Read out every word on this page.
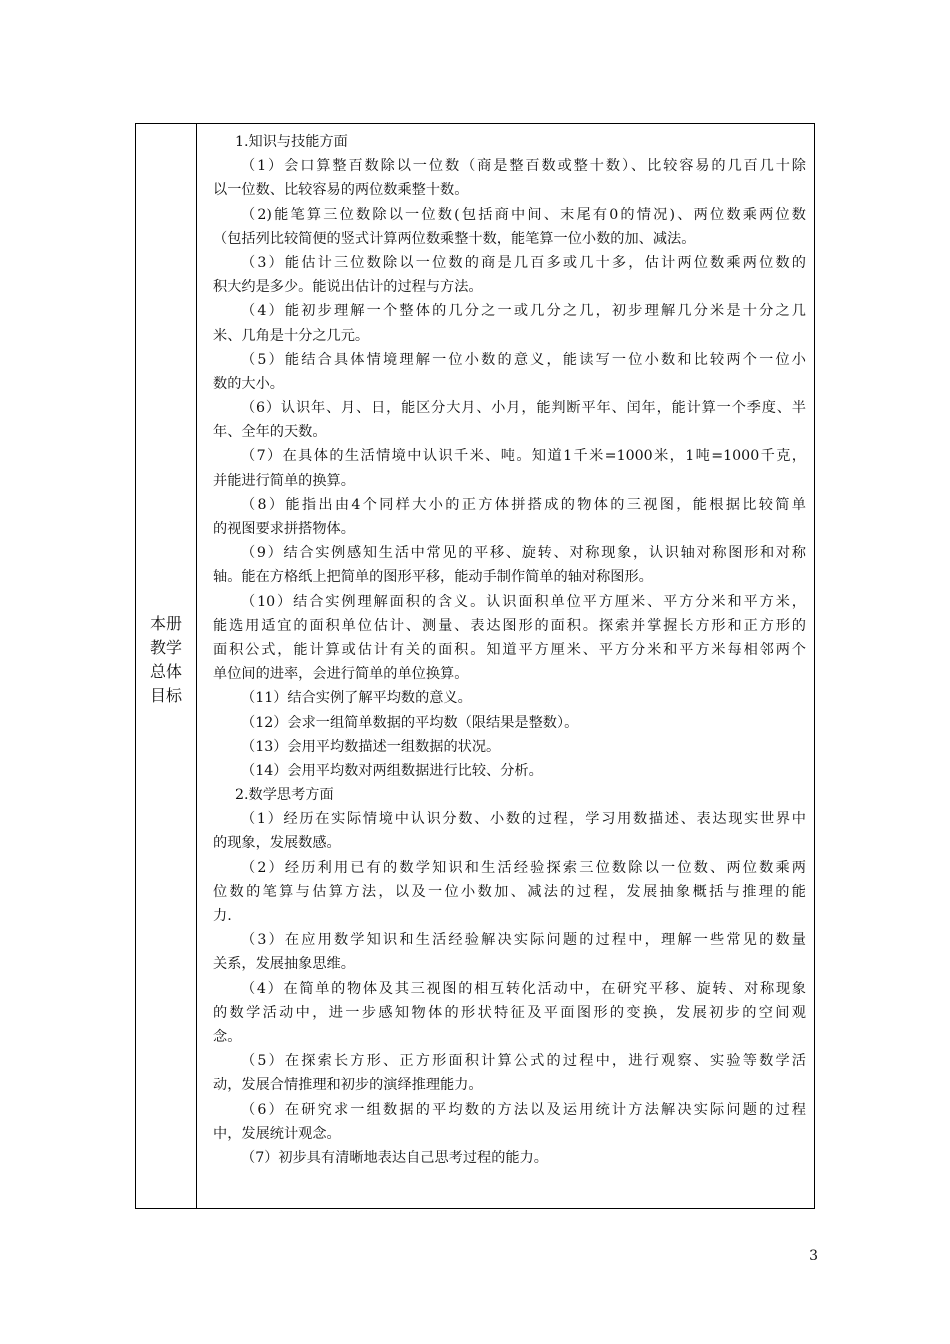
本册
教学
总体
目标
1.知识与技能方面
（1）会口算整百数除以一位数（商是整百数或整十数）、比较容易的几百几十除
以一位数、比较容易的两位数乘整十数。
（2)能笔算三位数除以一位数(包括商中间、末尾有0的情况)、两位数乘两位数
（包括列比较简便的竖式计算两位数乘整十数，能笔算一位小数的加、减法。
（3）能估计三位数除以一位数的商是几百多或几十多，估计两位数乘两位数的
积大约是多少。能说出估计的过程与方法。
（4）能初步理解一个整体的几分之一或几分之几，初步理解几分米是十分之几
米、几角是十分之几元。
（5）能结合具体情境理解一位小数的意义，能读写一位小数和比较两个一位小
数的大小。
（6）认识年、月、日，能区分大月、小月，能判断平年、闰年，能计算一个季度、半
年、全年的天数。
（7）在具体的生活情境中认识千米、吨。知道1千米=1000米，1吨=1000千克，
并能进行简单的换算。
（8）能指出由4个同样大小的正方体拼搭成的物体的三视图，能根据比较简单
的视图要求拼搭物体。
（9）结合实例感知生活中常见的平移、旋转、对称现象，认识轴对称图形和对称
轴。能在方格纸上把简单的图形平移，能动手制作简单的轴对称图形。
（10）结合实例理解面积的含义。认识面积单位平方厘米、平方分米和平方米，
能选用适宜的面积单位估计、测量、表达图形的面积。探索并掌握长方形和正方形的
面积公式，能计算或估计有关的面积。知道平方厘米、平方分米和平方米每相邻两个
单位间的进率，会进行简单的单位换算。
（11）结合实例了解平均数的意义。
（12）会求一组简单数据的平均数（限结果是整数）。
（13）会用平均数描述一组数据的状况。
（14）会用平均数对两组数据进行比较、分析。
2.数学思考方面
（1）经历在实际情境中认识分数、小数的过程，学习用数描述、表达现实世界中
的现象，发展数感。
（2）经历利用已有的数学知识和生活经验探索三位数除以一位数、两位数乘两
位数的笔算与估算方法，以及一位小数加、减法的过程，发展抽象概括与推理的能
力.
（3）在应用数学知识和生活经验解决实际问题的过程中，理解一些常见的数量
关系，发展抽象思维。
（4）在简单的物体及其三视图的相互转化活动中，在研究平移、旋转、对称现象
的数学活动中，进一步感知物体的形状特征及平面图形的变换，发展初步的空间观
念。
（5）在探索长方形、正方形面积计算公式的过程中，进行观察、实验等数学活
动，发展合情推理和初步的演绎推理能力。
（6）在研究求一组数据的平均数的方法以及运用统计方法解决实际问题的过程
中，发展统计观念。
（7）初步具有清晰地表达自己思考过程的能力。
3
